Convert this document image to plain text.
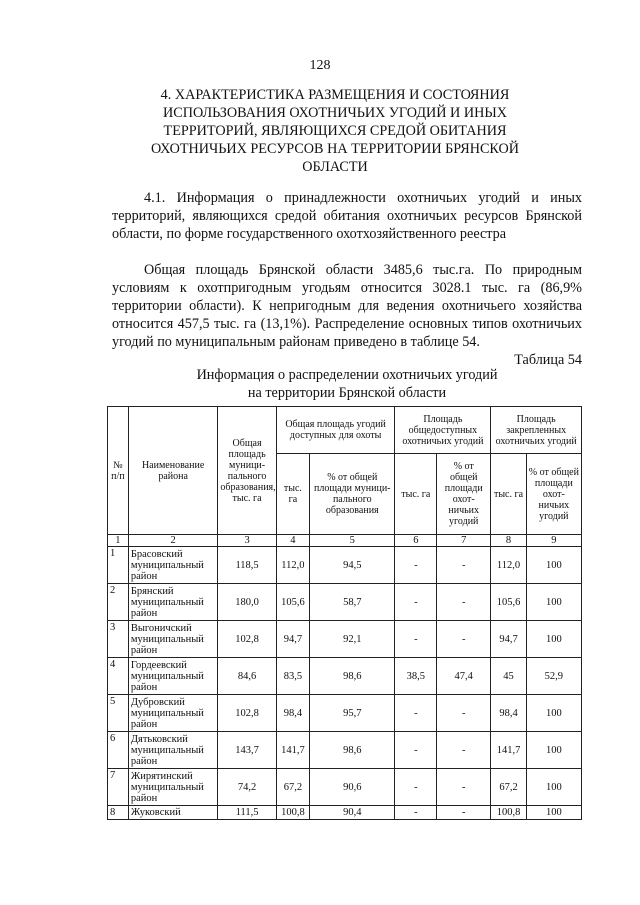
128
4. ХАРАКТЕРИСТИКА РАЗМЕЩЕНИЯ И СОСТОЯНИЯ ИСПОЛЬЗОВАНИЯ ОХОТНИЧЬИХ УГОДИЙ И ИНЫХ ТЕРРИТОРИЙ, ЯВЛЯЮЩИХСЯ СРЕДОЙ ОБИТАНИЯ ОХОТНИЧЬИХ РЕСУРСОВ НА ТЕРРИТОРИИ БРЯНСКОЙ ОБЛАСТИ
4.1. Информация о принадлежности охотничьих угодий и иных территорий, являющихся средой обитания охотничьих ресурсов Брянской области, по форме государственного охотхозяйственного реестра
Общая площадь Брянской области 3485,6 тыс.га. По природным условиям к охотпригодным угодьям относится 3028.1 тыс. га (86,9% территории области). К непригодным для ведения охотничьего хозяйства относится 457,5 тыс. га (13,1%). Распределение основных типов охотничьих угодий по муниципальным районам приведено в таблице 54.
Таблица 54
Информация о распределении охотничьих угодий
на территории Брянской области
№ п/п	Наименование района	Общая площадь муници-пального образования, тыс. га	Общая площадь угодий доступных для охоты		Площадь общедоступных охотничьих угодий		Площадь закрепленных охотничьих угодий	
			тыс. га	% от общей площади муници-пального образования	тыс. га	% от общей площади охот-ничьих угодий	тыс. га	% от общей площади охот-ничьих угодий
1	2	3	4	5	6	7	8	9
1	Брасовский муниципальный район	118,5	112,0	94,5	-	-	112,0	100
2	Брянский муниципальный район	180,0	105,6	58,7	-	-	105,6	100
3	Выгоничский муниципальный район	102,8	94,7	92,1	-	-	94,7	100
4	Гордеевский муниципальный район	84,6	83,5	98,6	38,5	47,4	45	52,9
5	Дубровский муниципальный район	102,8	98,4	95,7	-	-	98,4	100
6	Дятьковский муниципальный район	143,7	141,7	98,6	-	-	141,7	100
7	Жирятинский муниципальный район	74,2	67,2	90,6	-	-	67,2	100
8	Жуковский	111,5	100,8	90,4	-	-	100,8	100
